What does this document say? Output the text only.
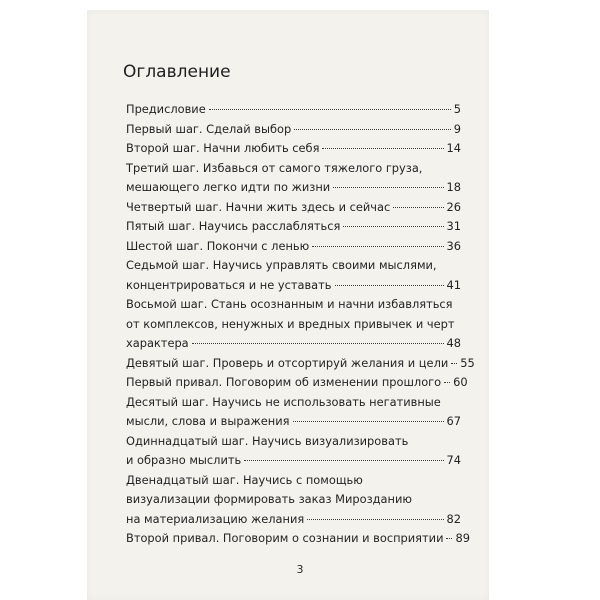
Оглавление
Предисловие	5
Первый шаг. Сделай выбор	9
Второй шаг. Начни любить себя	14
Третий шаг. Избавься от самого тяжелого груза,
мешающего легко идти по жизни	18
Четвертый шаг. Начни жить здесь и сейчас	26
Пятый шаг. Научись расслабляться	31
Шестой шаг. Покончи с ленью	36
Седьмой шаг. Научись управлять своими мыслями,
концентрироваться и не уставать	41
Восьмой шаг. Стань осознанным и начни избавляться
от комплексов, ненужных и вредных привычек и черт
характера	48
Девятый шаг. Проверь и отсортируй желания и цели 55
Первый привал. Поговорим об изменении прошлого 60
Десятый шаг. Научись не использовать негативные
мысли, слова и выражения	67
Одиннадцатый шаг. Научись визуализировать
и образно мыслить	74
Двенадцатый шаг. Научись с помощью
визуализации формировать заказ Мирозданию
на материализацию желания	82
Второй привал. Поговорим о сознании и восприятии 89
3
